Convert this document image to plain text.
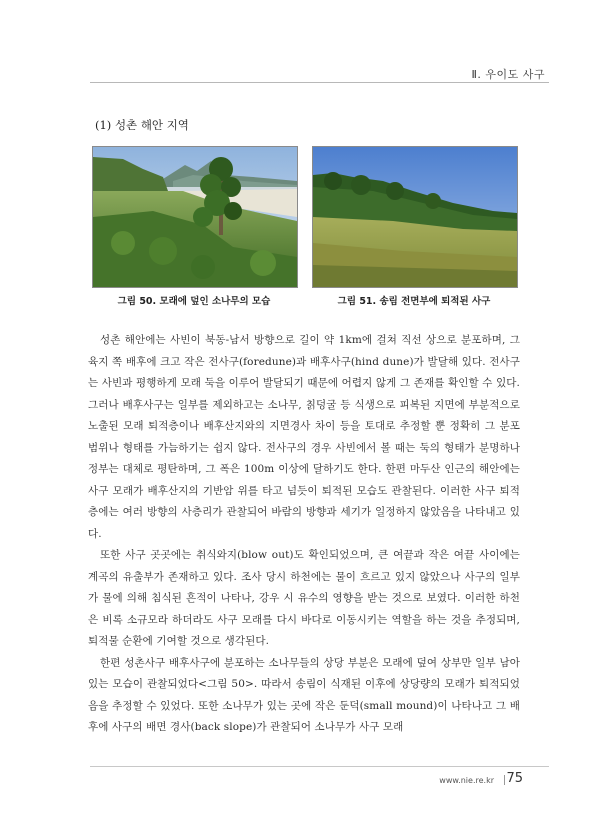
Ⅱ. 우이도 사구
(1) 성촌 해안 지역
그림 50. 모래에 덮인 소나무의 모습	그림 51. 송림 전면부에 퇴적된 사구

성촌 해안에는 사빈이 북동-남서 방향으로 길이 약 1km에 걸쳐 직선 상으로 분포하며, 그 육지 쪽 배후에 크고 작은 전사구(foredune)과 배후사구(hind dune)가 발달해 있다. 전사구는 사빈과 평행하게 모래 둑을 이루어 발달되기 때문에 어렵지 않게 그 존재를 확인할 수 있다. 그러나 배후사구는 일부를 제외하고는 소나무, 칡덩굴 등 식생으로 피복된 지면에 부분적으로 노출된 모래 퇴적층이나 배후산지와의 지면경사 차이 등을 토대로 추정할 뿐 정확히 그 분포 범위나 형태를 가늠하기는 쉽지 않다. 전사구의 경우 사빈에서 볼 때는 둑의 형태가 분명하나 정부는 대체로 평탄하며, 그 폭은 100m 이상에 달하기도 한다. 한편 마두산 인근의 해안에는 사구 모래가 배후산지의 기반암 위를 타고 넘듯이 퇴적된 모습도 관찰된다. 이러한 사구 퇴적층에는 여러 방향의 사층리가 관찰되어 바람의 방향과 세기가 일정하지 않았음을 나타내고 있다.

또한 사구 곳곳에는 취식와지(blow out)도 확인되었으며, 큰 여끝과 작은 여끝 사이에는 계곡의 유출부가 존재하고 있다. 조사 당시 하천에는 물이 흐르고 있지 않았으나 사구의 일부가 물에 의해 침식된 흔적이 나타나, 강우 시 유수의 영향을 받는 것으로 보였다. 이러한 하천은 비록 소규모라 하더라도 사구 모래를 다시 바다로 이동시키는 역할을 하는 것을 추정되며, 퇴적물 순환에 기여할 것으로 생각된다.

한편 성촌사구 배후사구에 분포하는 소나무들의 상당 부분은 모래에 덮여 상부만 일부 남아있는 모습이 관찰되었다<그림 50>. 따라서 송림이 식재된 이후에 상당량의 모래가 퇴적되었음을 추정할 수 있었다. 또한 소나무가 있는 곳에 작은 둔덕(small mound)이 나타나고 그 배후에 사구의 배면 경사(back slope)가 관찰되어 소나무가 사구 모래

www.nie.re.kr 75
